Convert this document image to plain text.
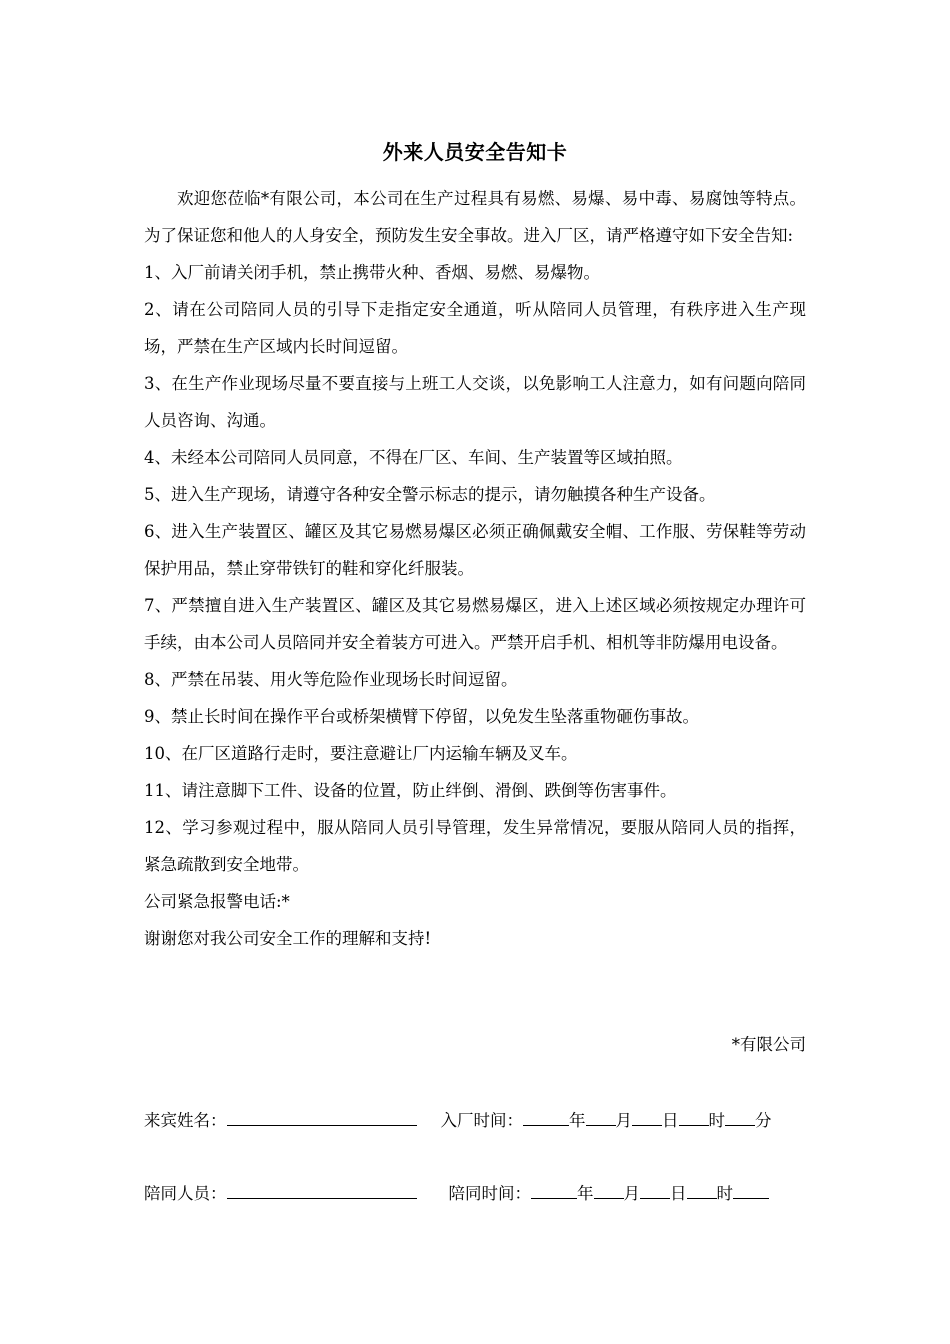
外来人员安全告知卡

欢迎您莅临*有限公司，本公司在生产过程具有易燃、易爆、易中毒、易腐蚀等特点。为了保证您和他人的人身安全，预防发生安全事故。进入厂区，请严格遵守如下安全告知:

1、入厂前请关闭手机，禁止携带火种、香烟、易燃、易爆物。

2、请在公司陪同人员的引导下走指定安全通道，听从陪同人员管理，有秩序进入生产现场，严禁在生产区域内长时间逗留。

3、在生产作业现场尽量不要直接与上班工人交谈，以免影响工人注意力，如有问题向陪同人员咨询、沟通。

4、未经本公司陪同人员同意，不得在厂区、车间、生产装置等区域拍照。

5、进入生产现场，请遵守各种安全警示标志的提示，请勿触摸各种生产设备。

6、进入生产装置区、罐区及其它易燃易爆区必须正确佩戴安全帽、工作服、劳保鞋等劳动保护用品，禁止穿带铁钉的鞋和穿化纤服装。

7、严禁擅自进入生产装置区、罐区及其它易燃易爆区，进入上述区域必须按规定办理许可手续，由本公司人员陪同并安全着装方可进入。严禁开启手机、相机等非防爆用电设备。

8、严禁在吊装、用火等危险作业现场长时间逗留。

9、禁止长时间在操作平台或桥架横臂下停留，以免发生坠落重物砸伤事故。

10、在厂区道路行走时，要注意避让厂内运输车辆及叉车。

11、请注意脚下工件、设备的位置，防止绊倒、滑倒、跌倒等伤害事件。

12、学习参观过程中，服从陪同人员引导管理，发生异常情况，要服从陪同人员的指挥，紧急疏散到安全地带。

公司紧急报警电话:*

谢谢您对我公司安全工作的理解和支持!

*有限公司
来宾姓名：	入厂时间：	年 月 日 时 分
陪同人员：	陪同时间：	年 月 日 时
